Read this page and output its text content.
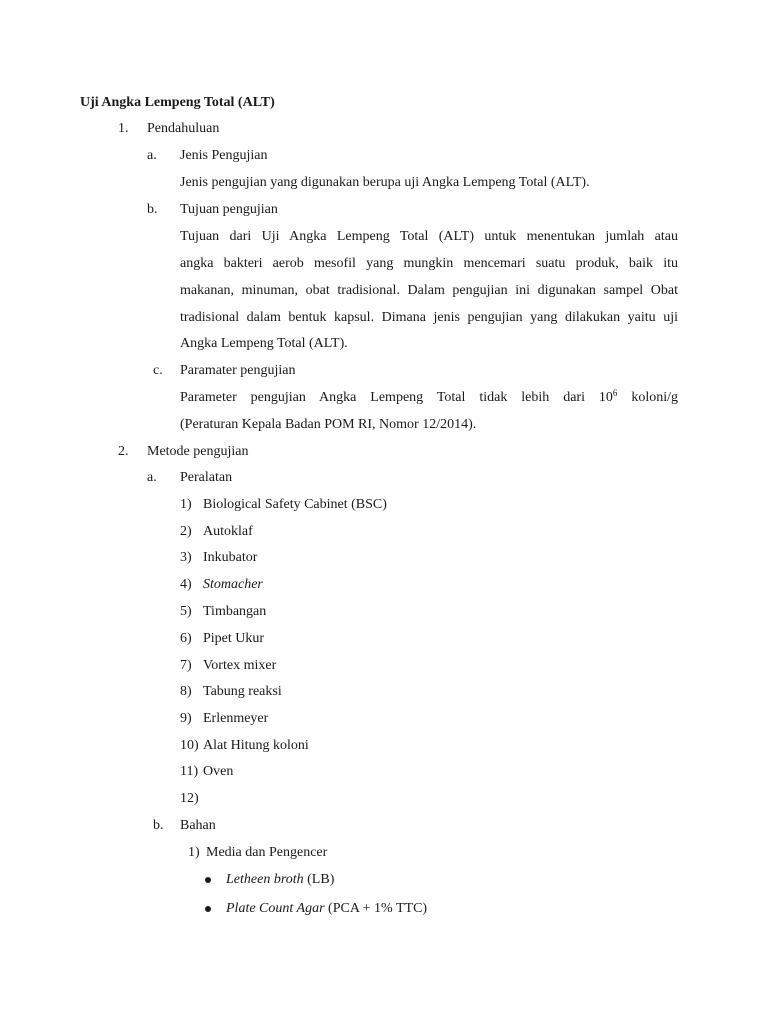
Uji Angka Lempeng Total (ALT)
1. Pendahuluan
a. Jenis Pengujian
Jenis pengujian yang digunakan berupa uji Angka Lempeng Total (ALT).
b. Tujuan pengujian
Tujuan dari Uji Angka Lempeng Total (ALT) untuk menentukan jumlah atau
angka bakteri aerob mesofil yang mungkin mencemari suatu produk, baik itu
makanan, minuman, obat tradisional. Dalam pengujian ini digunakan sampel Obat
tradisional dalam bentuk kapsul. Dimana jenis pengujian yang dilakukan yaitu uji
Angka Lempeng Total (ALT).
c. Paramater pengujian
Parameter pengujian Angka Lempeng Total tidak lebih dari $10^6$ koloni/g
(Peraturan Kepala Badan POM RI, Nomor 12/2014).
2. Metode pengujian
a. Peralatan
1) Biological Safety Cabinet (BSC)
2) Autoklaf
3) Inkubator
4) Stomacher
5) Timbangan
6) Pipet Ukur
7) Vortex mixer
8) Tabung reaksi
9) Erlenmeyer
10) Alat Hitung koloni
11) Oven
12)
b. Bahan
1) Media dan Pengencer
Letheen broth (LB)
Plate Count Agar (PCA + 1% TTC)
